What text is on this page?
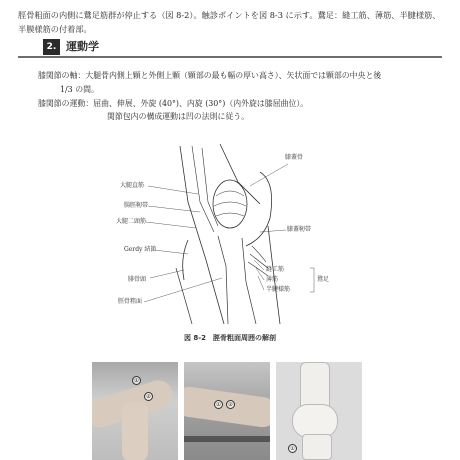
脛骨粗面の内側に鵞足筋群が停止する（図 8-2）。触診ポイントを図 8-3 に示す。鵞足：縫工筋、薄筋、半腱様筋、半膜様筋の付着部。
2. 運動学
膝関節の軸：大腿骨内側上顆と外側上顆（顆部の最も幅の厚い高さ）、矢状面では顆部の中央と後
1/3 の間。
膝関節の運動：屈曲、伸展、外旋 (40°)、内旋 (30°)（内外旋は膝屈曲位）。
関節包内の構成運動は凹の法則に従う。
膝蓋骨
大腿直筋
腸脛靭帯
大腿二頭筋
膝蓋靭帯
Gerdy 結節
腓骨頭
縫工筋
薄筋
半腱様筋
鵞足
脛骨粗面
図 8-2　脛骨粗面周囲の解剖
①
②
①	②
①
